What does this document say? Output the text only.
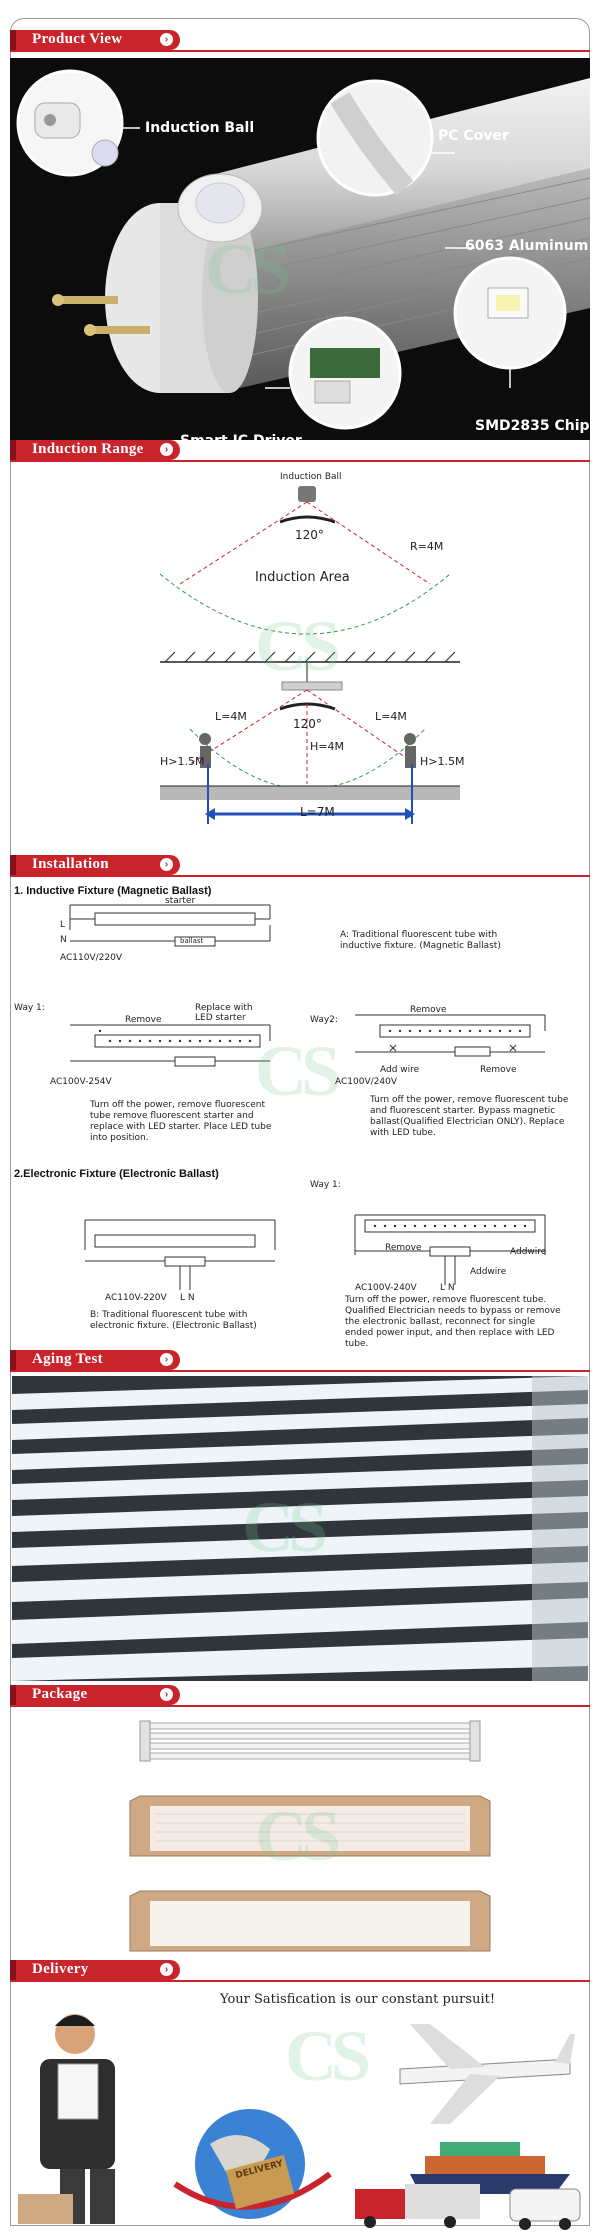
Product View	›
CS
Induction Ball	PC Cover
6063 Aluminum
SMD2835 Chip
Smart IC Driver
Induction Range	›
CS
Induction Ball
120°
R=4M
Induction Area
120°
L=4M	L=4M
H=4M
H>1.5M	H>1.5M
L=7M
Installation	›
1. Inductive Fixture (Magnetic Ballast)
CS
starter
ballast
L
N
AC110V/220V
A: Traditional fluorescent tube with inductive fixture. (Magnetic Ballast)
Way 1:
Remove
Replace with LED starter
AC100V-254V
Turn off the power, remove fluorescent tube remove fluorescent starter and replace with LED starter. Place LED tube into position.
Way2:
Remove
Add wire	Remove
AC100V/240V
Turn off the power, remove fluorescent tube and fluorescent starter. Bypass magnetic ballast(Qualified Electrician ONLY). Replace with LED tube.
2.Electronic Fixture (Electronic Ballast)
AC110V-220V L N
B: Traditional fluorescent tube with electronic fixture. (Electronic Ballast)
Way 1:
Remove
Addwire
Addwire
AC100V-240V	L N
Turn off the power, remove fluorescent tube. Qualified Electrician needs to bypass or remove the electronic ballast, reconnect for single ended power input, and then replace with LED tube.
Aging Test	›
CS
Package	›
CS
Delivery	›
Your Satisfication is our constant pursuit!
DELIVERY
CS
